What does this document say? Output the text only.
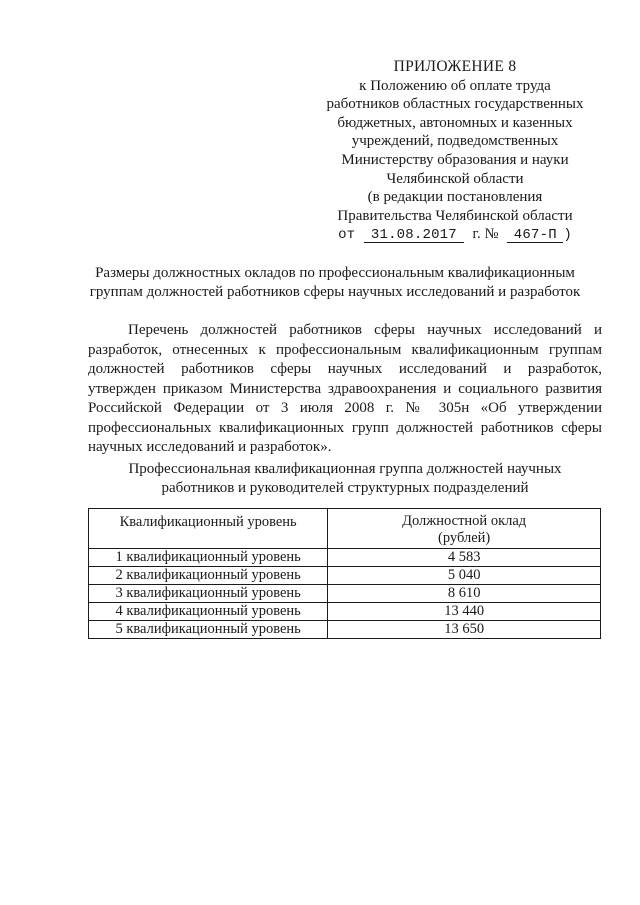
ПРИЛОЖЕНИЕ 8
к Положению об оплате труда
работников областных государственных
бюджетных, автономных и казенных
учреждений, подведомственных
Министерству образования и науки
Челябинской области
(в редакции постановления
Правительства Челябинской области
от 31.08.2017 г. № 467-П )
Размеры должностных окладов по профессиональным квалификационным
группам должностей работников сферы научных исследований и разработок
Перечень должностей работников сферы научных исследований и
разработок, отнесенных к профессиональным квалификационным группам
должностей работников сферы научных исследований и разработок,
утвержден приказом Министерства здравоохранения и социального развития
Российской Федерации от 3 июля 2008 г. № 305н «Об утверждении
профессиональных квалификационных групп должностей работников сферы
научных исследований и разработок».
Профессиональная квалификационная группа должностей научных
работников и руководителей структурных подразделений
Квалификационный уровень	Должностной оклад
(рублей)

1 квалификационный уровень	4 583
2 квалификационный уровень	5 040
3 квалификационный уровень	8 610
4 квалификационный уровень	13 440
5 квалификационный уровень	13 650
